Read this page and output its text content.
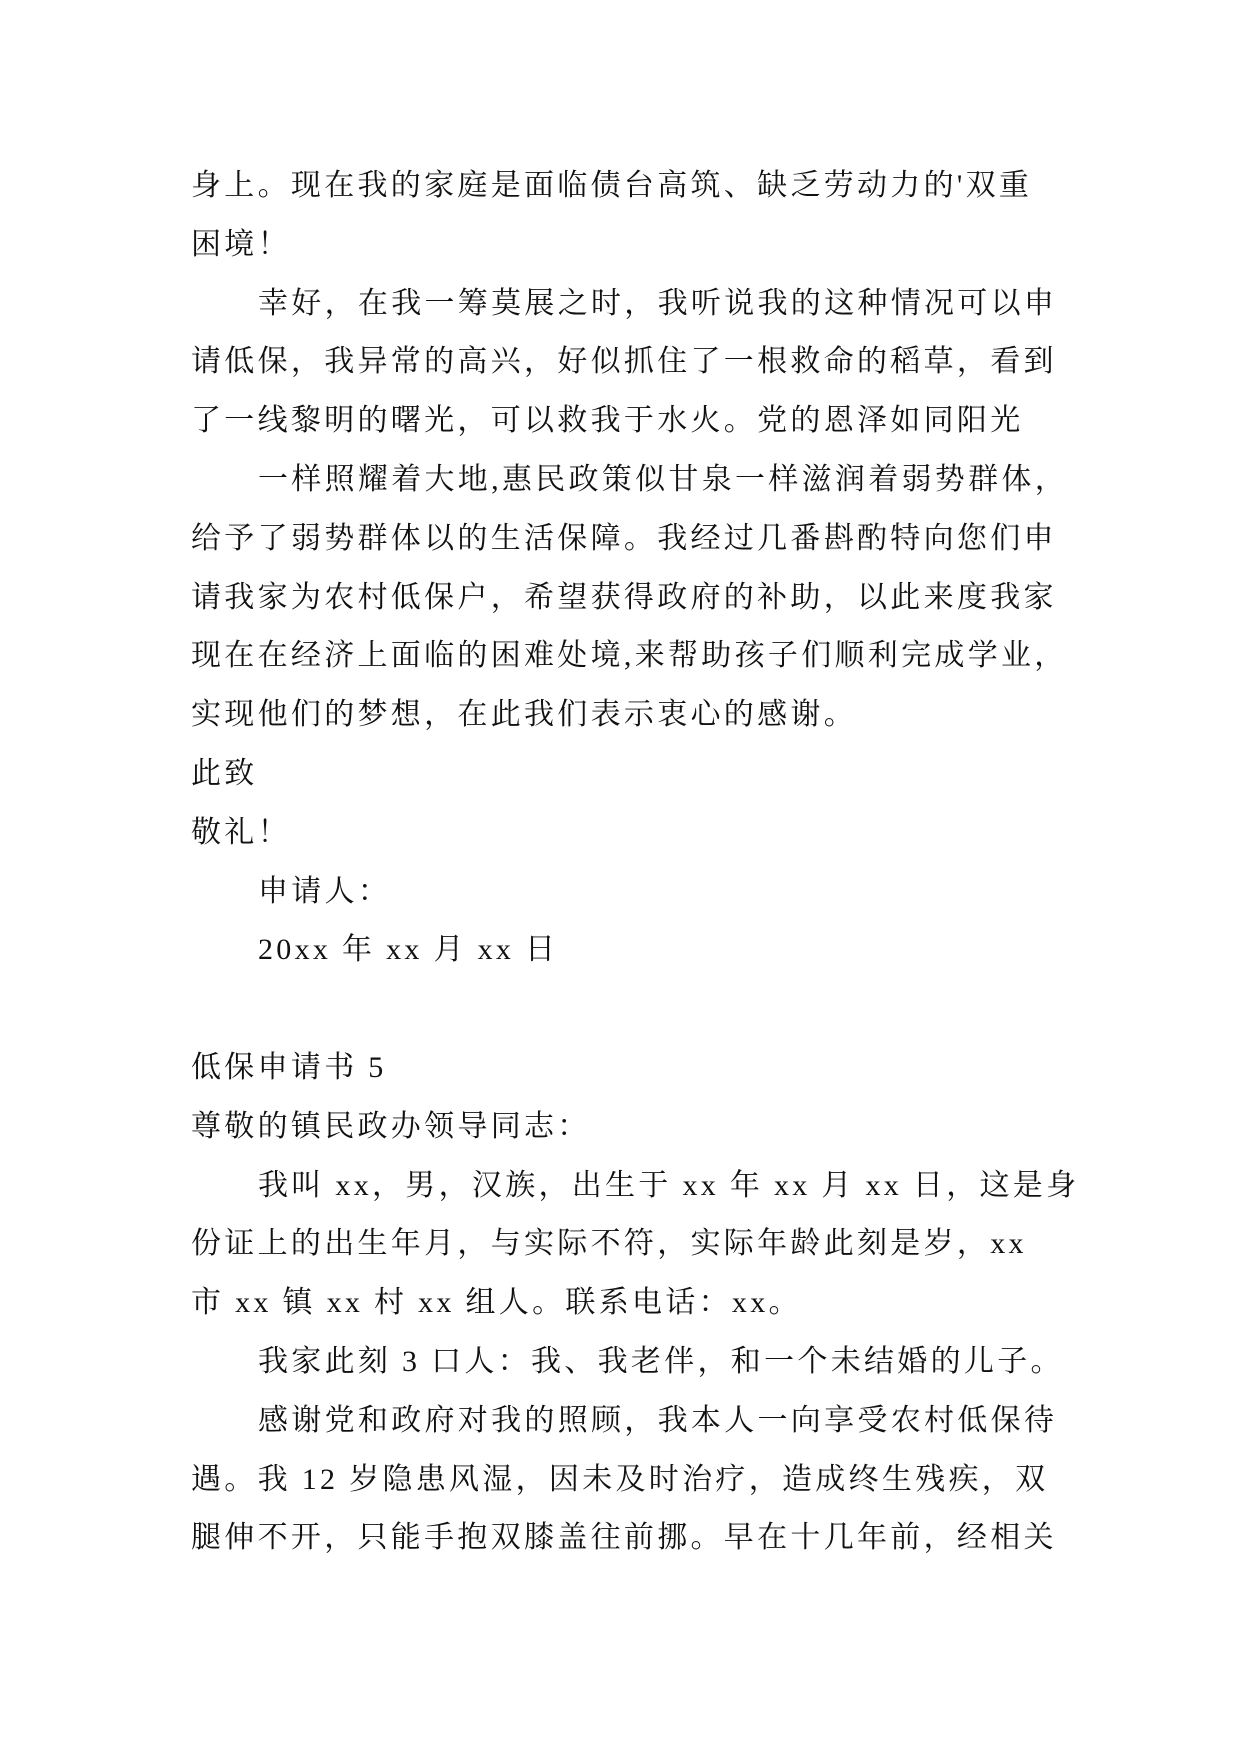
身上。现在我的家庭是面临债台高筑、缺乏劳动力的'双重
困境！
幸好，在我一筹莫展之时，我听说我的这种情况可以申
请低保，我异常的高兴，好似抓住了一根救命的稻草，看到
了一线黎明的曙光，可以救我于水火。党的恩泽如同阳光
一样照耀着大地,惠民政策似甘泉一样滋润着弱势群体，
给予了弱势群体以的生活保障。我经过几番斟酌特向您们申
请我家为农村低保户，希望获得政府的补助，以此来度我家
现在在经济上面临的困难处境,来帮助孩子们顺利完成学业，
实现他们的梦想，在此我们表示衷心的感谢。
此致
敬礼！
申请人：
20xx 年 xx 月 xx 日
低保申请书 5
尊敬的镇民政办领导同志：
我叫 xx，男，汉族，出生于 xx 年 xx 月 xx 日，这是身
份证上的出生年月，与实际不符，实际年龄此刻是岁，xx
市 xx 镇 xx 村 xx 组人。联系电话：xx。
我家此刻 3 口人：我、我老伴，和一个未结婚的儿子。
感谢党和政府对我的照顾，我本人一向享受农村低保待
遇。我 12 岁隐患风湿，因未及时治疗，造成终生残疾，双
腿伸不开，只能手抱双膝盖往前挪。早在十几年前，经相关
